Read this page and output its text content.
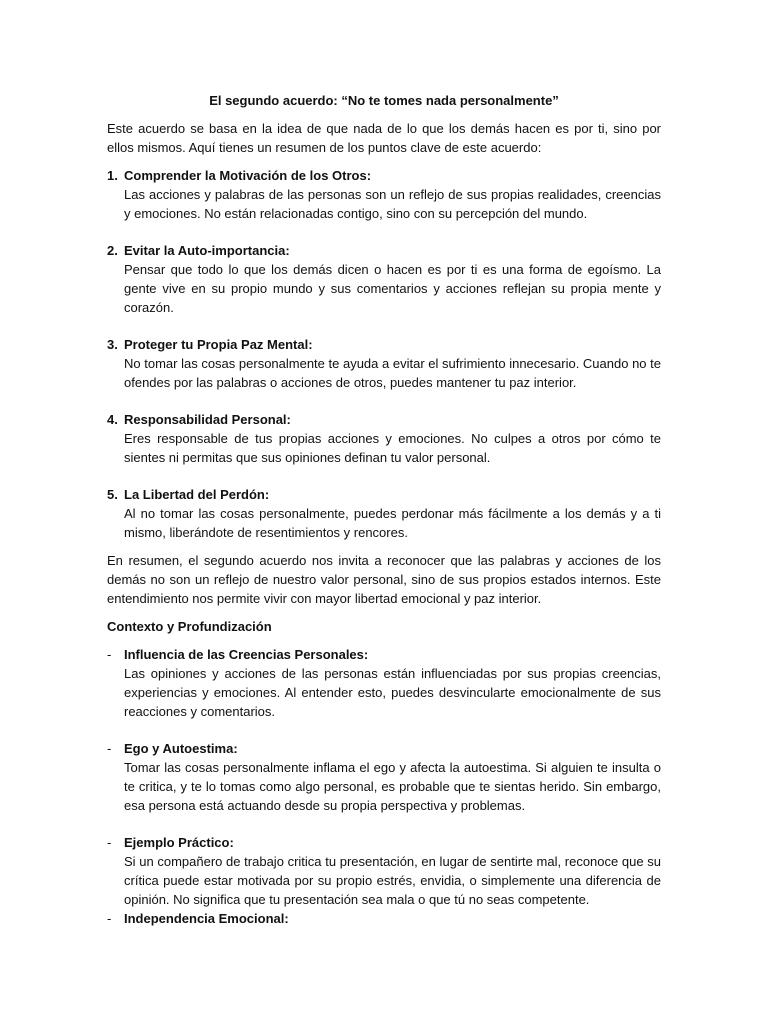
El segundo acuerdo: “No te tomes nada personalmente”
Este acuerdo se basa en la idea de que nada de lo que los demás hacen es por ti, sino por ellos mismos. Aquí tienes un resumen de los puntos clave de este acuerdo:
1. Comprender la Motivación de los Otros:
Las acciones y palabras de las personas son un reflejo de sus propias realidades, creencias y emociones. No están relacionadas contigo, sino con su percepción del mundo.
2. Evitar la Auto-importancia:
Pensar que todo lo que los demás dicen o hacen es por ti es una forma de egoísmo. La gente vive en su propio mundo y sus comentarios y acciones reflejan su propia mente y corazón.
3. Proteger tu Propia Paz Mental:
No tomar las cosas personalmente te ayuda a evitar el sufrimiento innecesario. Cuando no te ofendes por las palabras o acciones de otros, puedes mantener tu paz interior.
4. Responsabilidad Personal:
Eres responsable de tus propias acciones y emociones. No culpes a otros por cómo te sientes ni permitas que sus opiniones definan tu valor personal.
5. La Libertad del Perdón:
Al no tomar las cosas personalmente, puedes perdonar más fácilmente a los demás y a ti mismo, liberándote de resentimientos y rencores.
En resumen, el segundo acuerdo nos invita a reconocer que las palabras y acciones de los demás no son un reflejo de nuestro valor personal, sino de sus propios estados internos. Este entendimiento nos permite vivir con mayor libertad emocional y paz interior.
Contexto y Profundización
- Influencia de las Creencias Personales:
Las opiniones y acciones de las personas están influenciadas por sus propias creencias, experiencias y emociones. Al entender esto, puedes desvincularte emocionalmente de sus reacciones y comentarios.
- Ego y Autoestima:
Tomar las cosas personalmente inflama el ego y afecta la autoestima. Si alguien te insulta o te critica, y te lo tomas como algo personal, es probable que te sientas herido. Sin embargo, esa persona está actuando desde su propia perspectiva y problemas.
- Ejemplo Práctico:
Si un compañero de trabajo critica tu presentación, en lugar de sentirte mal, reconoce que su crítica puede estar motivada por su propio estrés, envidia, o simplemente una diferencia de opinión. No significa que tu presentación sea mala o que tú no seas competente.
- Independencia Emocional:
